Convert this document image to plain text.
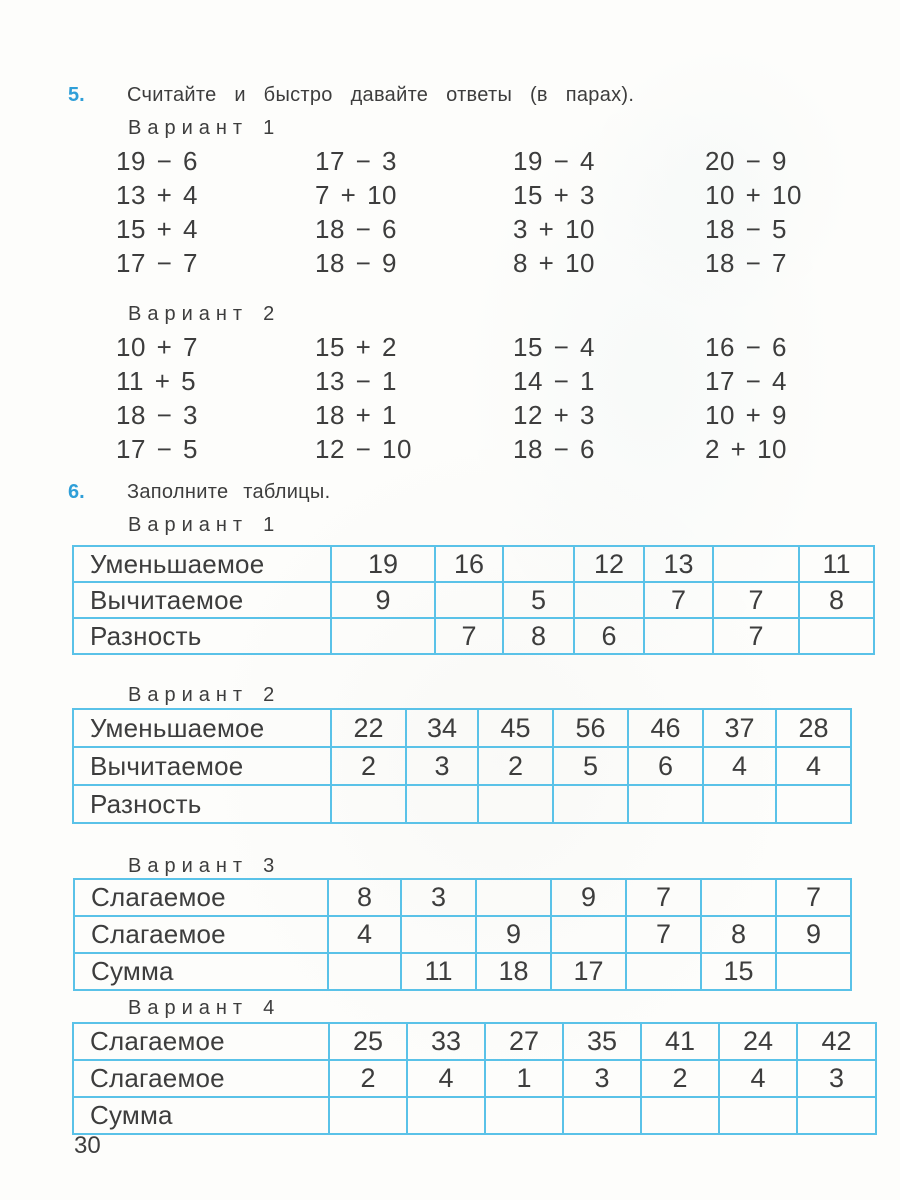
5.	Считайте и быстро давайте ответы (в парах).
Вариант 1
19 − 6	17 − 3	19 − 4	20 − 9
13 + 4	7 + 10	15 + 3	10 + 10
15 + 4	18 − 6	3 + 10	18 − 5
17 − 7	18 − 9	8 + 10	18 − 7
Вариант 2
10 + 7	15 + 2	15 − 4	16 − 6
11 + 5	13 − 1	14 − 1	17 − 4
18 − 3	18 + 1	12 + 3	10 + 9
17 − 5	12 − 10	18 − 6	2 + 10
6.	Заполните таблицы.
Вариант 1
Уменьшаемое	19	16		12	13		11
Вычитаемое	9		5		7	7	8
Разность		7	8	6		7	
Вариант 2
Уменьшаемое	22	34	45	56	46	37	28
Вычитаемое	2	3	2	5	6	4	4
Разность							
Вариант 3
Слагаемое	8	3		9	7		7
Слагаемое	4		9		7	8	9
Сумма		11	18	17		15	
Вариант 4
Слагаемое	25	33	27	35	41	24	42
Слагаемое	2	4	1	3	2	4	3
Сумма							
30
